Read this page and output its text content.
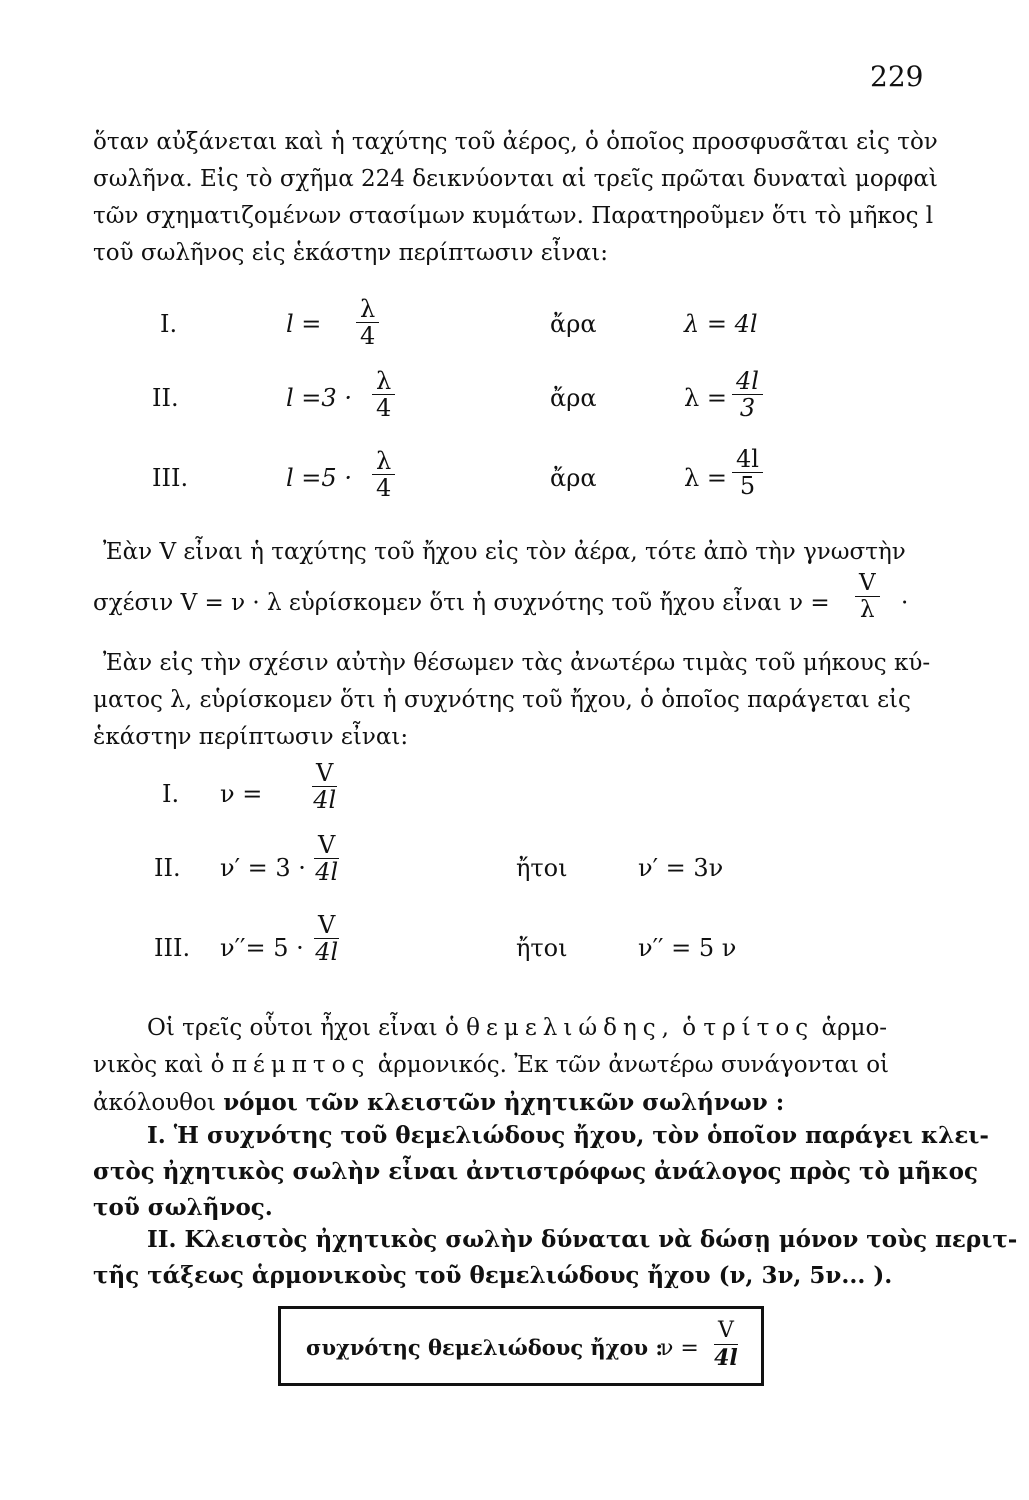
229
ὅταν αὐξάνεται καὶ ἡ ταχύτης τοῦ ἀέρος, ὁ ὁποῖος προσφυσᾶται εἰς τὸν
σωλῆνα. Εἰς τὸ σχῆμα 224 δεικνύονται αἱ τρεῖς πρῶται δυναταὶ μορφαὶ
τῶν σχηματιζομένων στασίμων κυμάτων. Παρατηροῦμεν ὅτι τὸ μῆκος l
τοῦ σωλῆνος εἰς ἑκάστην περίπτωσιν εἶναι:
I.	$l = \frac{\lambda}{4}$	ἄρα	λ = 4l
II.	$l =3 \cdot \frac{\lambda}{4}$	ἄρα	$\lambda = \frac{4l}{3}$
III.	$l =5 \cdot \frac{\lambda}{4}$	ἄρα	$\lambda = \frac{4l}{5}$
Ἐὰν V εἶναι ἡ ταχύτης τοῦ ἤχου εἰς τὸν ἀέρα, τότε ἀπὸ τὴν γνωστὴν
σχέσιν V = ν · λ εὑρίσκομεν ὅτι ἡ συχνότης τοῦ ἤχου εἶναι $\nu = \frac{V}{\lambda}$ ·
Ἐὰν εἰς τὴν σχέσιν αὐτὴν θέσωμεν τὰς ἀνωτέρω τιμὰς τοῦ μήκους κύ-
ματος λ, εὑρίσκομεν ὅτι ἡ συχνότης τοῦ ἤχου, ὁ ὁποῖος παράγεται εἰς
ἑκάστην περίπτωσιν εἶναι:
I. $\nu = \frac{V}{4l}$
II. $\nu' = 3 \cdot \frac{V}{4l}$	ἤτοι	ν′ = 3ν
III. $\nu''= 5 \cdot \frac{V}{4l}$	ἤτοι	ν′′ = 5 ν
Οἱ τρεῖς οὗτοι ἦχοι εἶναι ὁ θεμελιώδης, ὁ τρίτος ἁρμο-
νικὸς καὶ ὁ πέμπτος ἁρμονικός. Ἐκ τῶν ἀνωτέρω συνάγονται οἱ
ἀκόλουθοι νόμοι τῶν κλειστῶν ἠχητικῶν σωλήνων :
I. Ἡ συχνότης τοῦ θεμελιώδους ἤχου, τὸν ὁποῖον παράγει κλει-
στὸς ἠχητικὸς σωλὴν εἶναι ἀντιστρόφως ἀνάλογος πρὸς τὸ μῆκος
τοῦ σωλῆνος.
II. Κλειστὸς ἠχητικὸς σωλὴν δύναται νὰ δώσῃ μόνον τοὺς περιτ-
τῆς τάξεως ἁρμονικοὺς τοῦ θεμελιώδους ἤχου (ν, 3ν, 5ν... ).
συχνότης θεμελιώδους ἤχου :
$\nu = \frac{V}{4l}$
